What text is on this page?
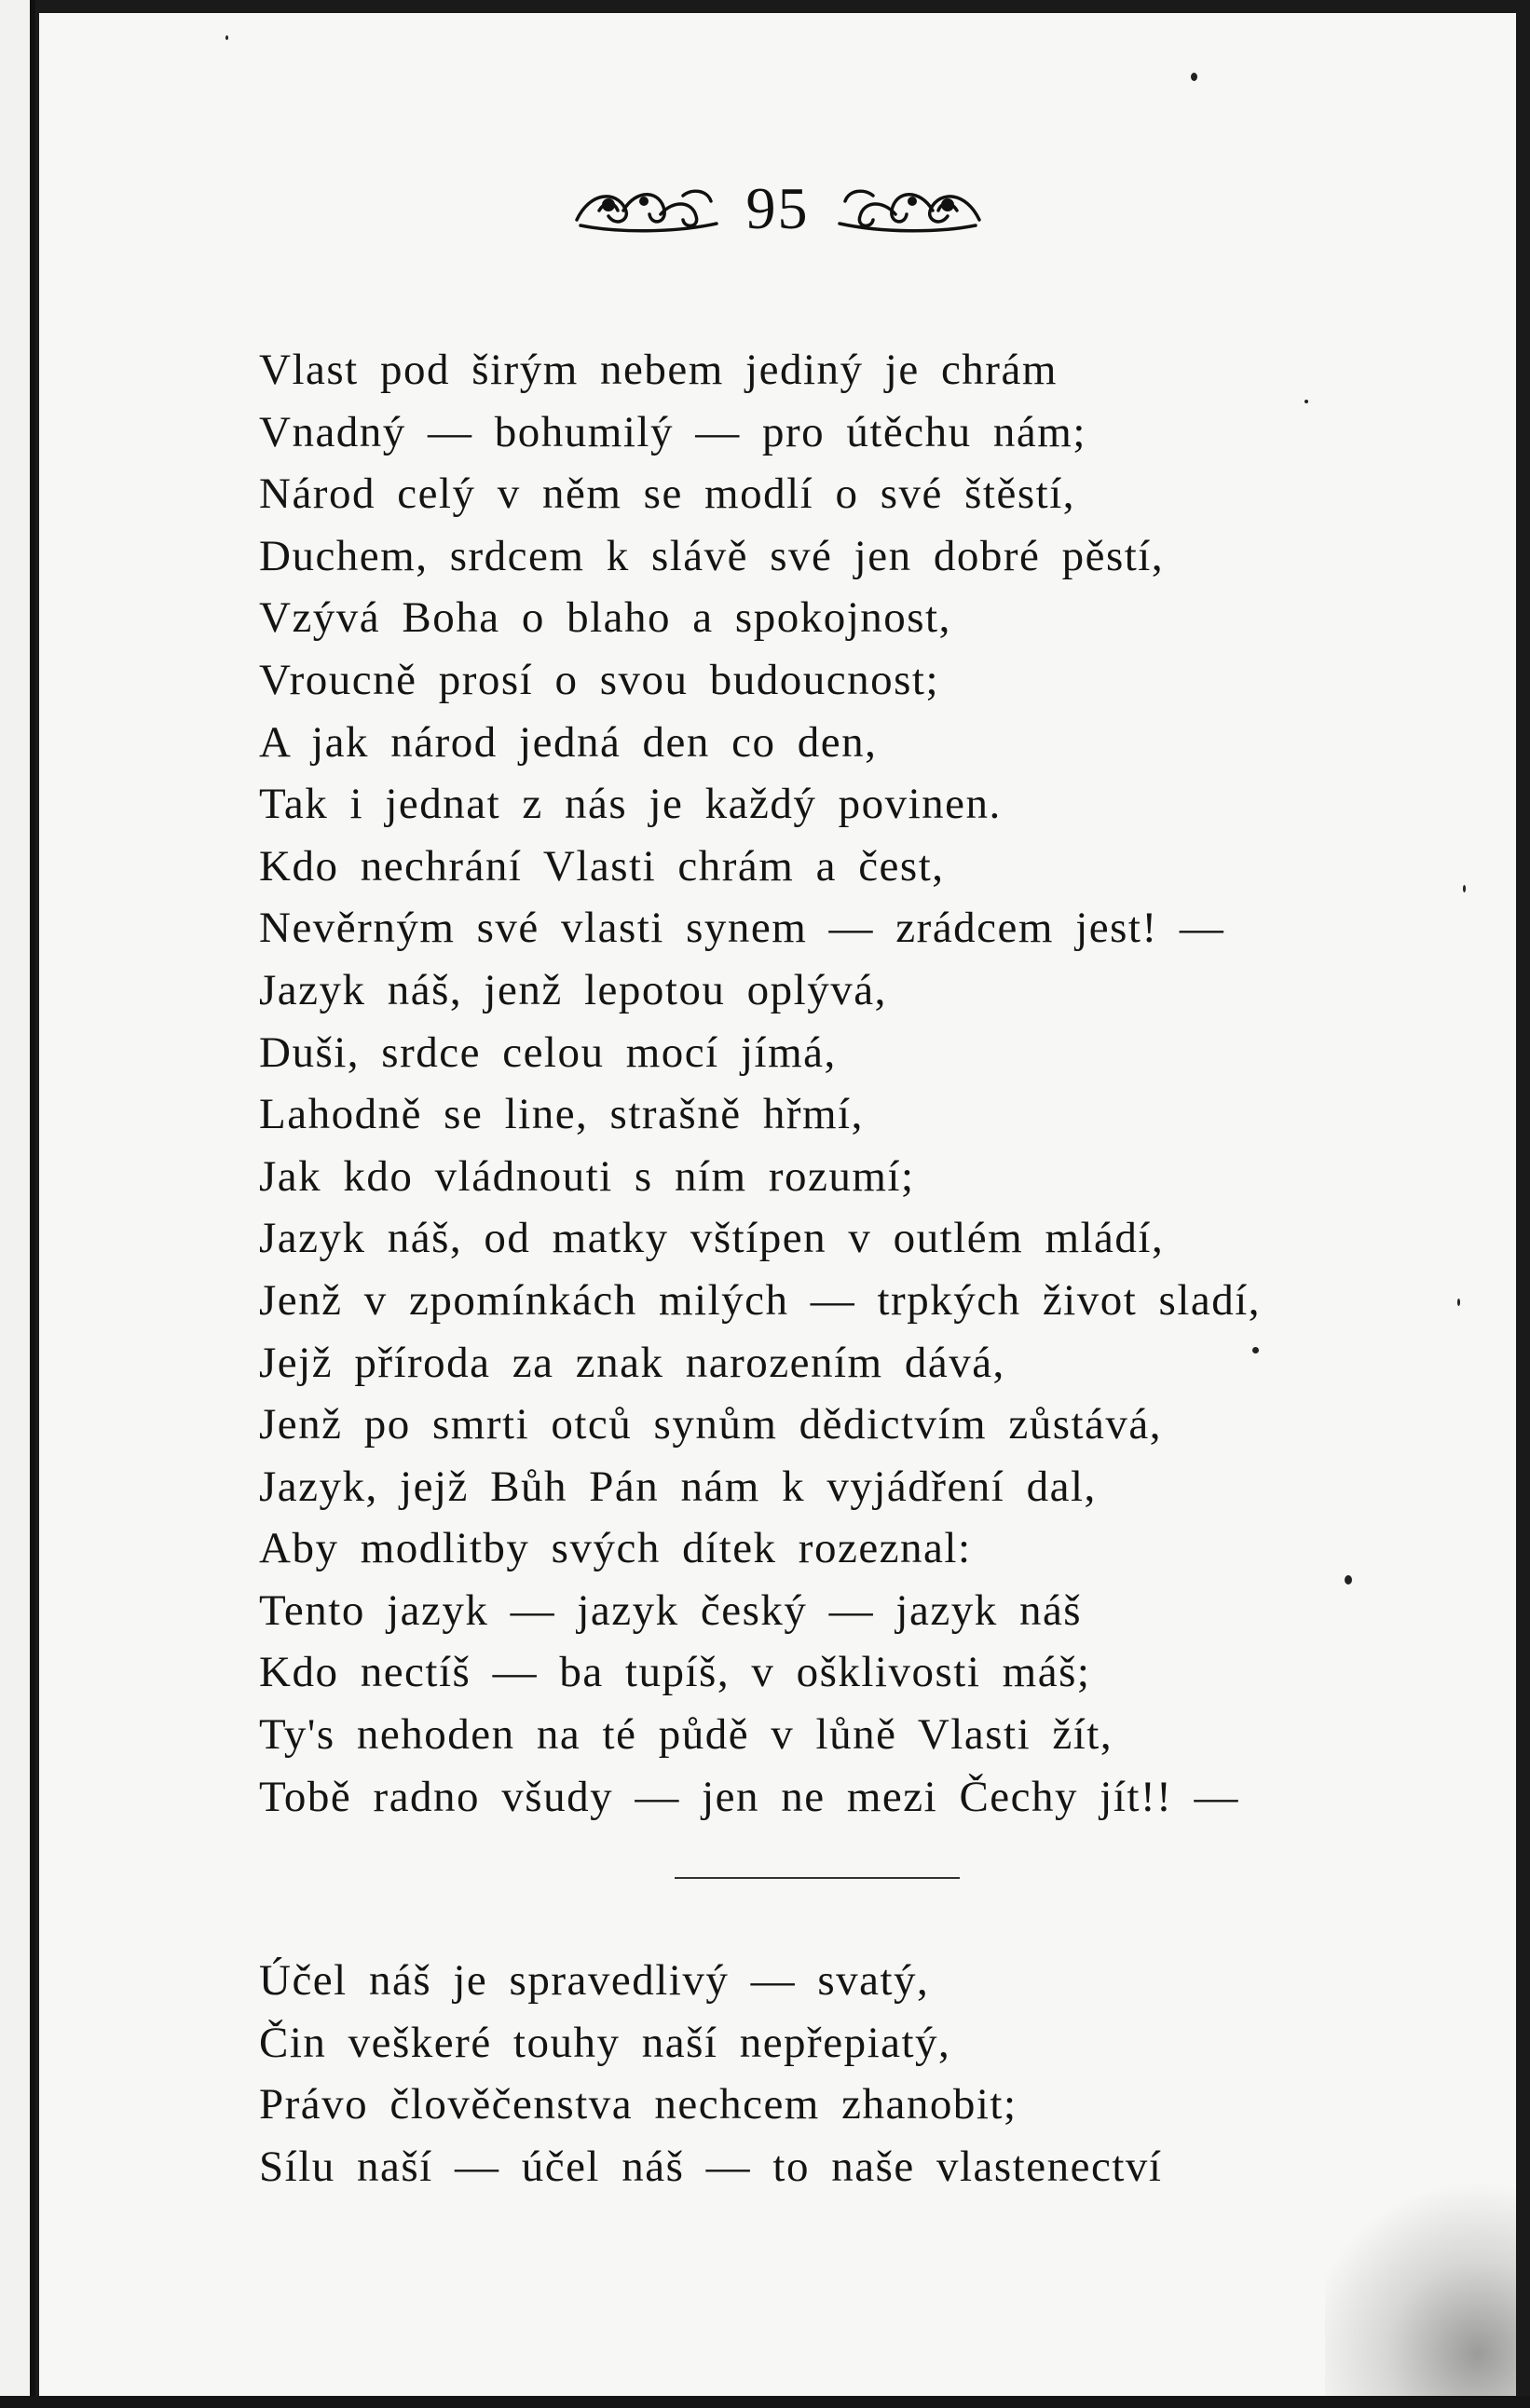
95
Vlast pod širým nebem jediný je chrám
Vnadný — bohumilý — pro útěchu nám;
Národ celý v něm se modlí o své štěstí,
Duchem, srdcem k slávě své jen dobré pěstí,
Vzývá Boha o blaho a spokojnost,
Vroucně prosí o svou budoucnost;
A jak národ jedná den co den,
Tak i jednat z nás je každý povinen.
Kdo nechrání Vlasti chrám a čest,
Nevěrným své vlasti synem — zrádcem jest! —
Jazyk náš, jenž lepotou oplývá,
Duši, srdce celou mocí jímá,
Lahodně se line, strašně hřmí,
Jak kdo vládnouti s ním rozumí;
Jazyk náš, od matky vštípen v outlém mládí,
Jenž v zpomínkách milých — trpkých život sladí,
Jejž příroda za znak narozením dává,
Jenž po smrti otců synům dědictvím zůstává,
Jazyk, jejž Bůh Pán nám k vyjádření dal,
Aby modlitby svých dítek rozeznal:
Tento jazyk — jazyk český — jazyk náš
Kdo nectíš — ba tupíš, v ošklivosti máš;
Ty's nehoden na té půdě v lůně Vlasti žít,
Tobě radno všudy — jen ne mezi Čechy jít!! —
Účel náš je spravedlivý — svatý,
Čin veškeré touhy naší nepřepiatý,
Právo člověčenstva nechcem zhanobit;
Sílu naší — účel náš — to naše vlastenectví
